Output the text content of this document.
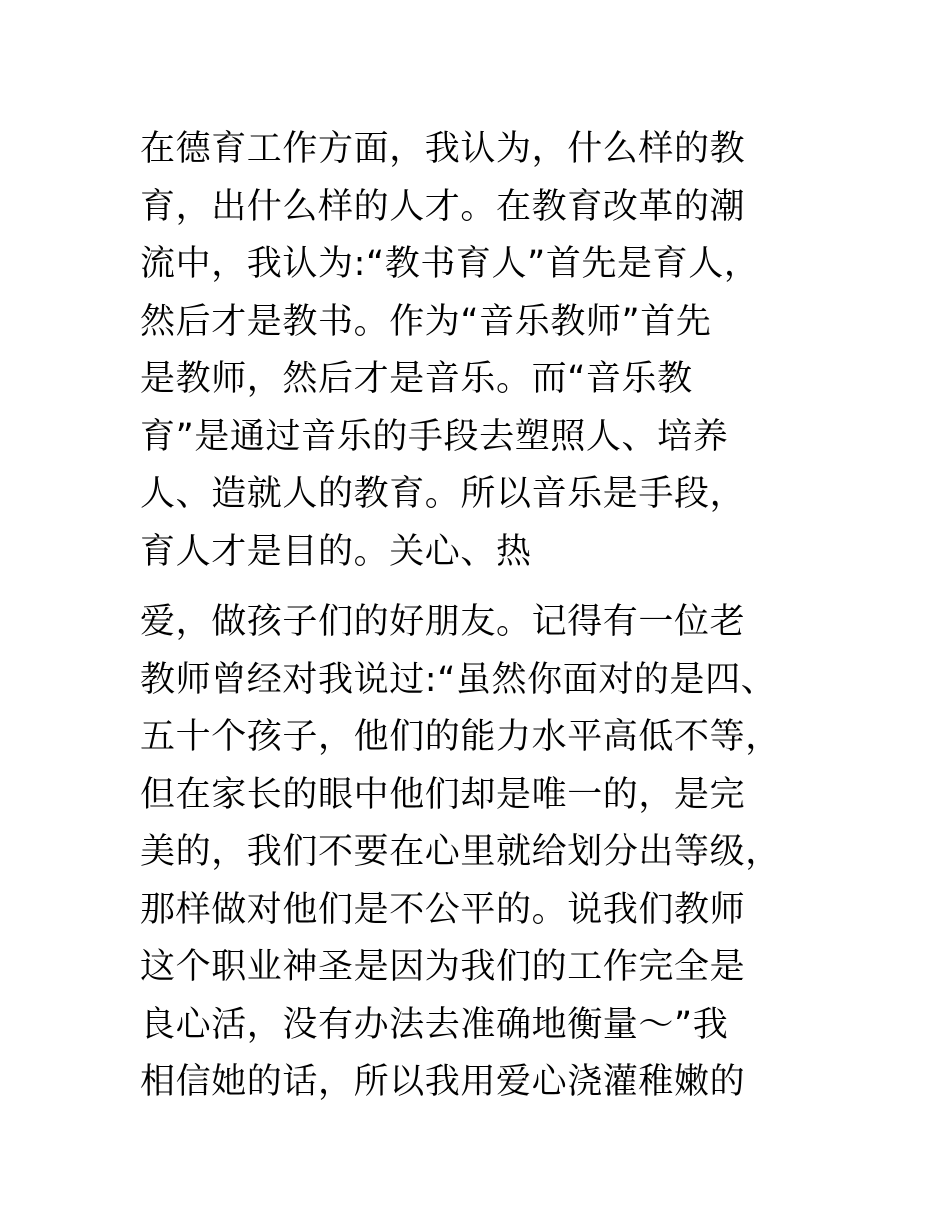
在德育工作方面，我认为，什么样的教
育，出什么样的人才。在教育改革的潮
流中，我认为:“教书育人”首先是育人，
然后才是教书。作为“音乐教师”首先
是教师，然后才是音乐。而“音乐教
育”是通过音乐的手段去塑照人、培养
人、造就人的教育。所以音乐是手段，
育人才是目的。关心、热
爱，做孩子们的好朋友。记得有一位老
教师曾经对我说过:“虽然你面对的是四、
五十个孩子，他们的能力水平高低不等，
但在家长的眼中他们却是唯一的，是完
美的，我们不要在心里就给划分出等级，
那样做对他们是不公平的。说我们教师
这个职业神圣是因为我们的工作完全是
良心活，没有办法去准确地衡量～”我
相信她的话，所以我用爱心浇灌稚嫩的
